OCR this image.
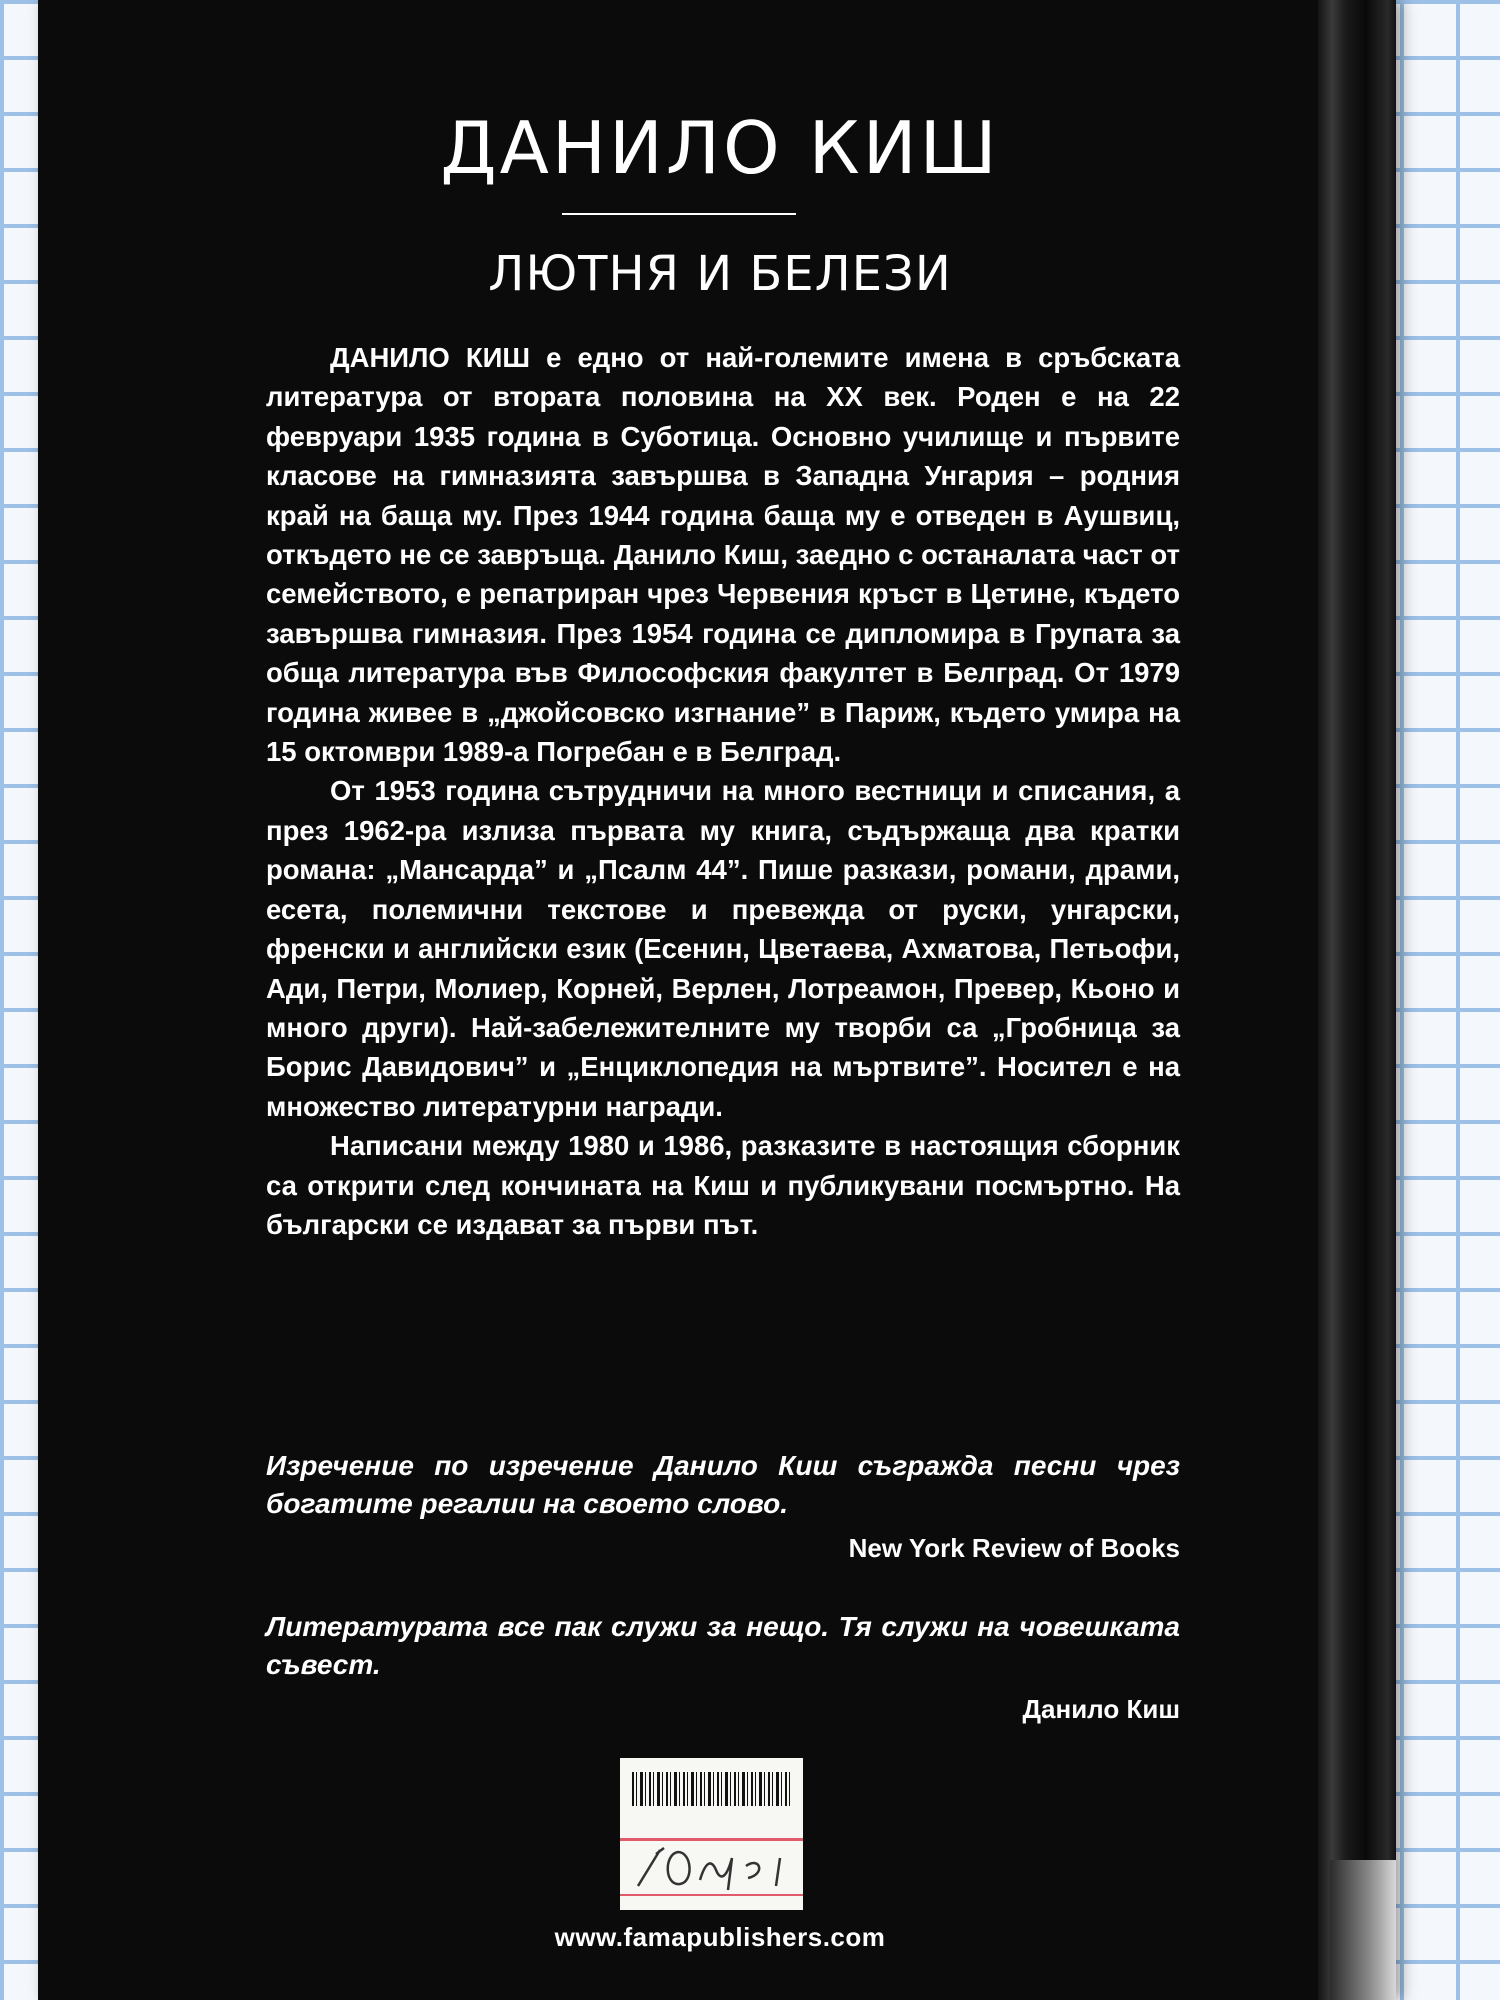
ДАНИЛО КИШ
ЛЮТНЯ И БЕЛЕЗИ

ДАНИЛО КИШ е едно от най-големите имена в сръбската литература от втората половина на XX век. Роден е на 22 февруари 1935 година в Суботица. Основно училище и първите класове на гимназията завършва в Западна Унгария – родния край на баща му. През 1944 година баща му е отведен в Аушвиц, откъдето не се завръща. Данило Киш, заедно с останалата част от семейството, е репатриран чрез Червения кръст в Цетине, където завършва гимназия. През 1954 година се дипломира в Групата за обща литература във Философския факултет в Белград. От 1979 година живее в „джойсовско изгнание” в Париж, където умира на 15 октомври 1989-а Погребан е в Белград.

От 1953 година сътрудничи на много вестници и списания, а през 1962-ра излиза първата му книга, съдържаща два кратки романа: „Мансарда” и „Псалм 44”. Пише разкази, романи, драми, есета, полемични текстове и превежда от руски, унгарски, френски и английски език (Есенин, Цветаева, Ахматова, Петьофи, Ади, Петри, Молиер, Корней, Верлен, Лотреамон, Превер, Кьоно и много други). Най-забележителните му творби са „Гробница за Борис Давидович” и „Енциклопедия на мъртвите”. Носител е на множество литературни награди.

Написани между 1980 и 1986, разказите в настоящия сборник са открити след кончината на Киш и публикувани посмъртно. На български се издават за първи път.

Изречение по изречение Данило Киш съгражда песни чрез богатите регалии на своето слово.

New York Review of Books

Литературата все пак служи за нещо. Тя служи на човешката съвест.

Данило Киш
www.famapublishers.com
